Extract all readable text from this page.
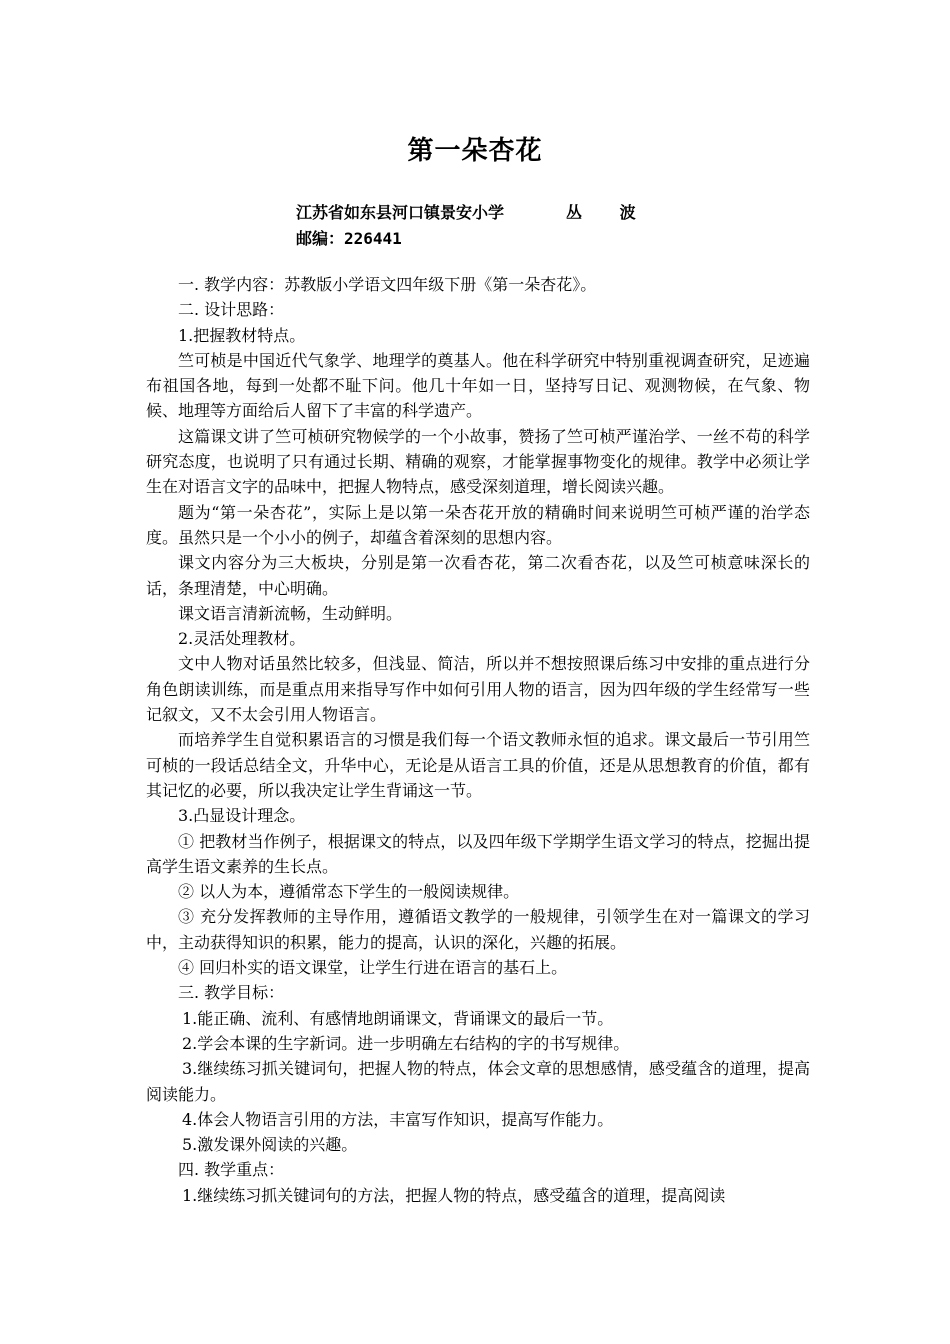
第一朵杏花
江苏省如东县河口镇景安小学	丛 波
邮编：226441

一. 教学内容：苏教版小学语文四年级下册《第一朵杏花》。

二. 设计思路：

1.把握教材特点。

竺可桢是中国近代气象学、地理学的奠基人。他在科学研究中特别重视调查研究，足迹遍布祖国各地，每到一处都不耻下问。他几十年如一日，坚持写日记、观测物候，在气象、物候、地理等方面给后人留下了丰富的科学遗产。

这篇课文讲了竺可桢研究物候学的一个小故事，赞扬了竺可桢严谨治学、一丝不苟的科学研究态度，也说明了只有通过长期、精确的观察，才能掌握事物变化的规律。教学中必须让学生在对语言文字的品味中，把握人物特点，感受深刻道理，增长阅读兴趣。

题为“第一朵杏花”，实际上是以第一朵杏花开放的精确时间来说明竺可桢严谨的治学态度。虽然只是一个小小的例子，却蕴含着深刻的思想内容。

课文内容分为三大板块，分别是第一次看杏花，第二次看杏花，以及竺可桢意味深长的话，条理清楚，中心明确。

课文语言清新流畅，生动鲜明。

2.灵活处理教材。

文中人物对话虽然比较多，但浅显、简洁，所以并不想按照课后练习中安排的重点进行分角色朗读训练，而是重点用来指导写作中如何引用人物的语言，因为四年级的学生经常写一些记叙文，又不太会引用人物语言。

而培养学生自觉积累语言的习惯是我们每一个语文教师永恒的追求。课文最后一节引用竺可桢的一段话总结全文，升华中心，无论是从语言工具的价值，还是从思想教育的价值，都有其记忆的必要，所以我决定让学生背诵这一节。

3.凸显设计理念。

① 把教材当作例子，根据课文的特点，以及四年级下学期学生语文学习的特点，挖掘出提高学生语文素养的生长点。

② 以人为本，遵循常态下学生的一般阅读规律。

③ 充分发挥教师的主导作用，遵循语文教学的一般规律，引领学生在对一篇课文的学习中，主动获得知识的积累，能力的提高，认识的深化，兴趣的拓展。

④ 回归朴实的语文课堂，让学生行进在语言的基石上。

三. 教学目标：

1.能正确、流利、有感情地朗诵课文，背诵课文的最后一节。

2.学会本课的生字新词。进一步明确左右结构的字的书写规律。

3.继续练习抓关键词句，把握人物的特点，体会文章的思想感情，感受蕴含的道理，提高阅读能力。

4.体会人物语言引用的方法，丰富写作知识，提高写作能力。

5.激发课外阅读的兴趣。

四. 教学重点：

1.继续练习抓关键词句的方法，把握人物的特点，感受蕴含的道理，提高阅读
